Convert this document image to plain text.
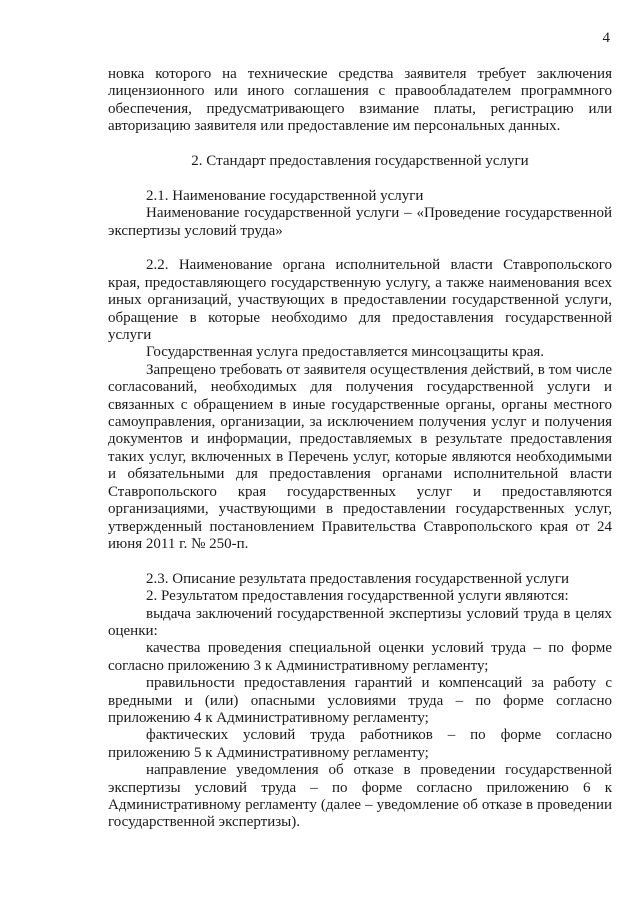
4

новка которого на технические средства заявителя требует заключения лицензионного или иного соглашения с правообладателем программного обеспечения, предусматривающего взимание платы, регистрацию или авторизацию заявителя или предоставление им персональных данных.

2. Стандарт предоставления государственной услуги

2.1. Наименование государственной услуги

Наименование государственной услуги – «Проведение государственной экспертизы условий труда»

2.2. Наименование органа исполнительной власти Ставропольского края, предоставляющего государственную услугу, а также наименования всех иных организаций, участвующих в предоставлении государственной услуги, обращение в которые необходимо для предоставления государственной услуги

Государственная услуга предоставляется минсоцзащиты края.

Запрещено требовать от заявителя осуществления действий, в том числе согласований, необходимых для получения государственной услуги и связанных с обращением в иные государственные органы, органы местного самоуправления, организации, за исключением получения услуг и получения документов и информации, предоставляемых в результате предоставления таких услуг, включенных в Перечень услуг, которые являются необходимыми и обязательными для предоставления органами исполнительной власти Ставропольского края государственных услуг и предоставляются организациями, участвующими в предоставлении государственных услуг, утвержденный постановлением Правительства Ставропольского края от 24 июня 2011 г. № 250-п.

2.3. Описание результата предоставления государственной услуги

2. Результатом предоставления государственной услуги являются:

выдача заключений государственной экспертизы условий труда в целях оценки:

качества проведения специальной оценки условий труда – по форме согласно приложению 3 к Административному регламенту;

правильности предоставления гарантий и компенсаций за работу с вредными и (или) опасными условиями труда – по форме согласно приложению 4 к Административному регламенту;

фактических условий труда работников – по форме согласно приложению 5 к Административному регламенту;

направление уведомления об отказе в проведении государственной экспертизы условий труда – по форме согласно приложению 6 к Административному регламенту (далее – уведомление об отказе в проведении государственной экспертизы).
